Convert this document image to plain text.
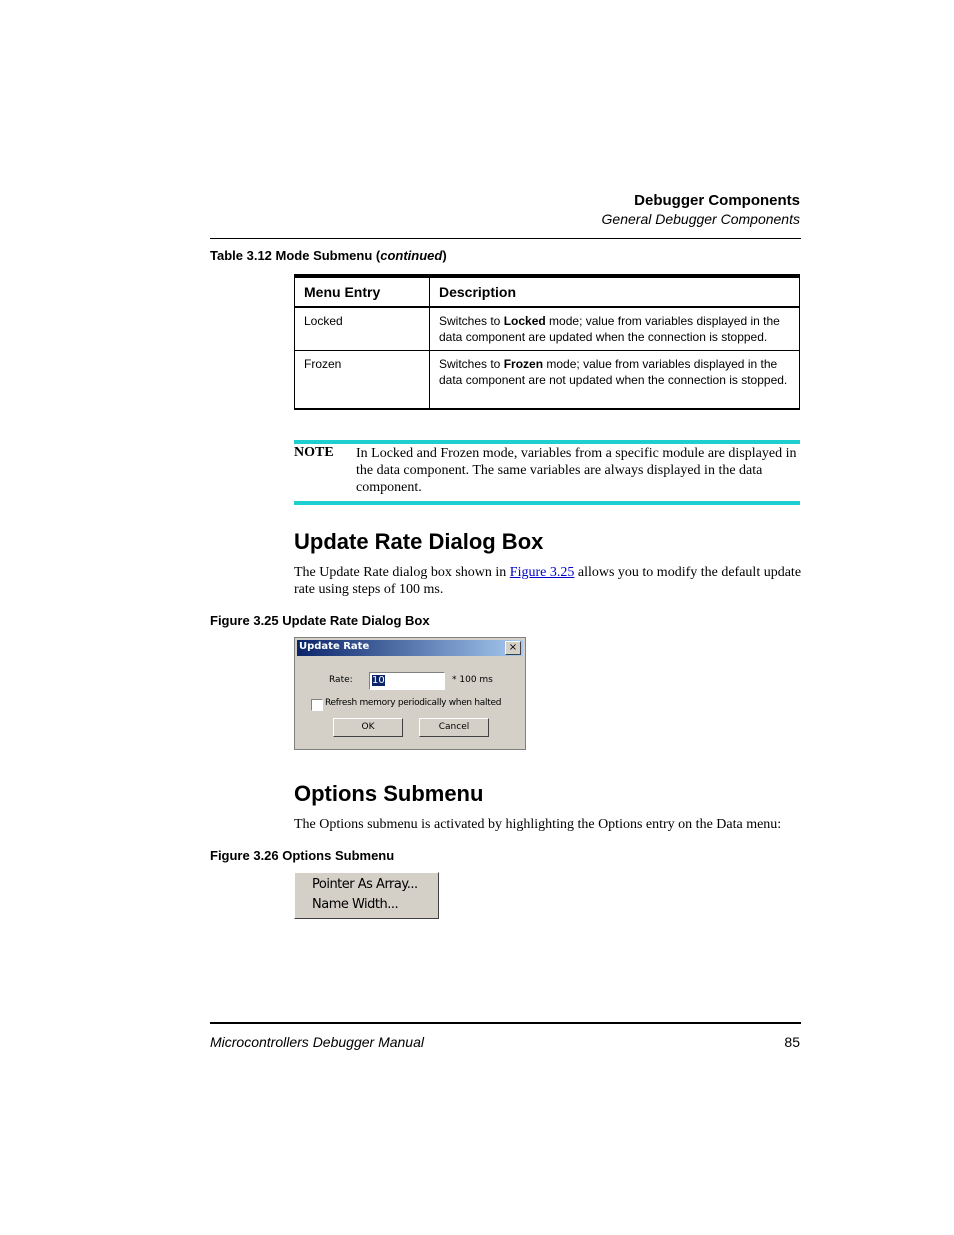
Debugger Components
General Debugger Components
Table 3.12 Mode Submenu (continued)
Menu Entry	Description
Locked	Switches to Locked mode; value from variables displayed in the data component are updated when the connection is stopped.
Frozen	Switches to Frozen mode; value from variables displayed in the data component are not updated when the connection is stopped.
NOTE In Locked and Frozen mode, variables from a specific module are displayed in the data component. The same variables are always displayed in the data component.
Update Rate Dialog Box

The Update Rate dialog box shown in Figure 3.25 allows you to modify the default update rate using steps of 100 ms.

Figure 3.25 Update Rate Dialog Box
Update Rate	×
Rate:	10	* 100 ms
Refresh memory periodically when halted
OK	Cancel
Options Submenu

The Options submenu is activated by highlighting the Options entry on the Data menu:

Figure 3.26 Options Submenu
Pointer As Array...
Name Width...
Microcontrollers Debugger Manual	85
